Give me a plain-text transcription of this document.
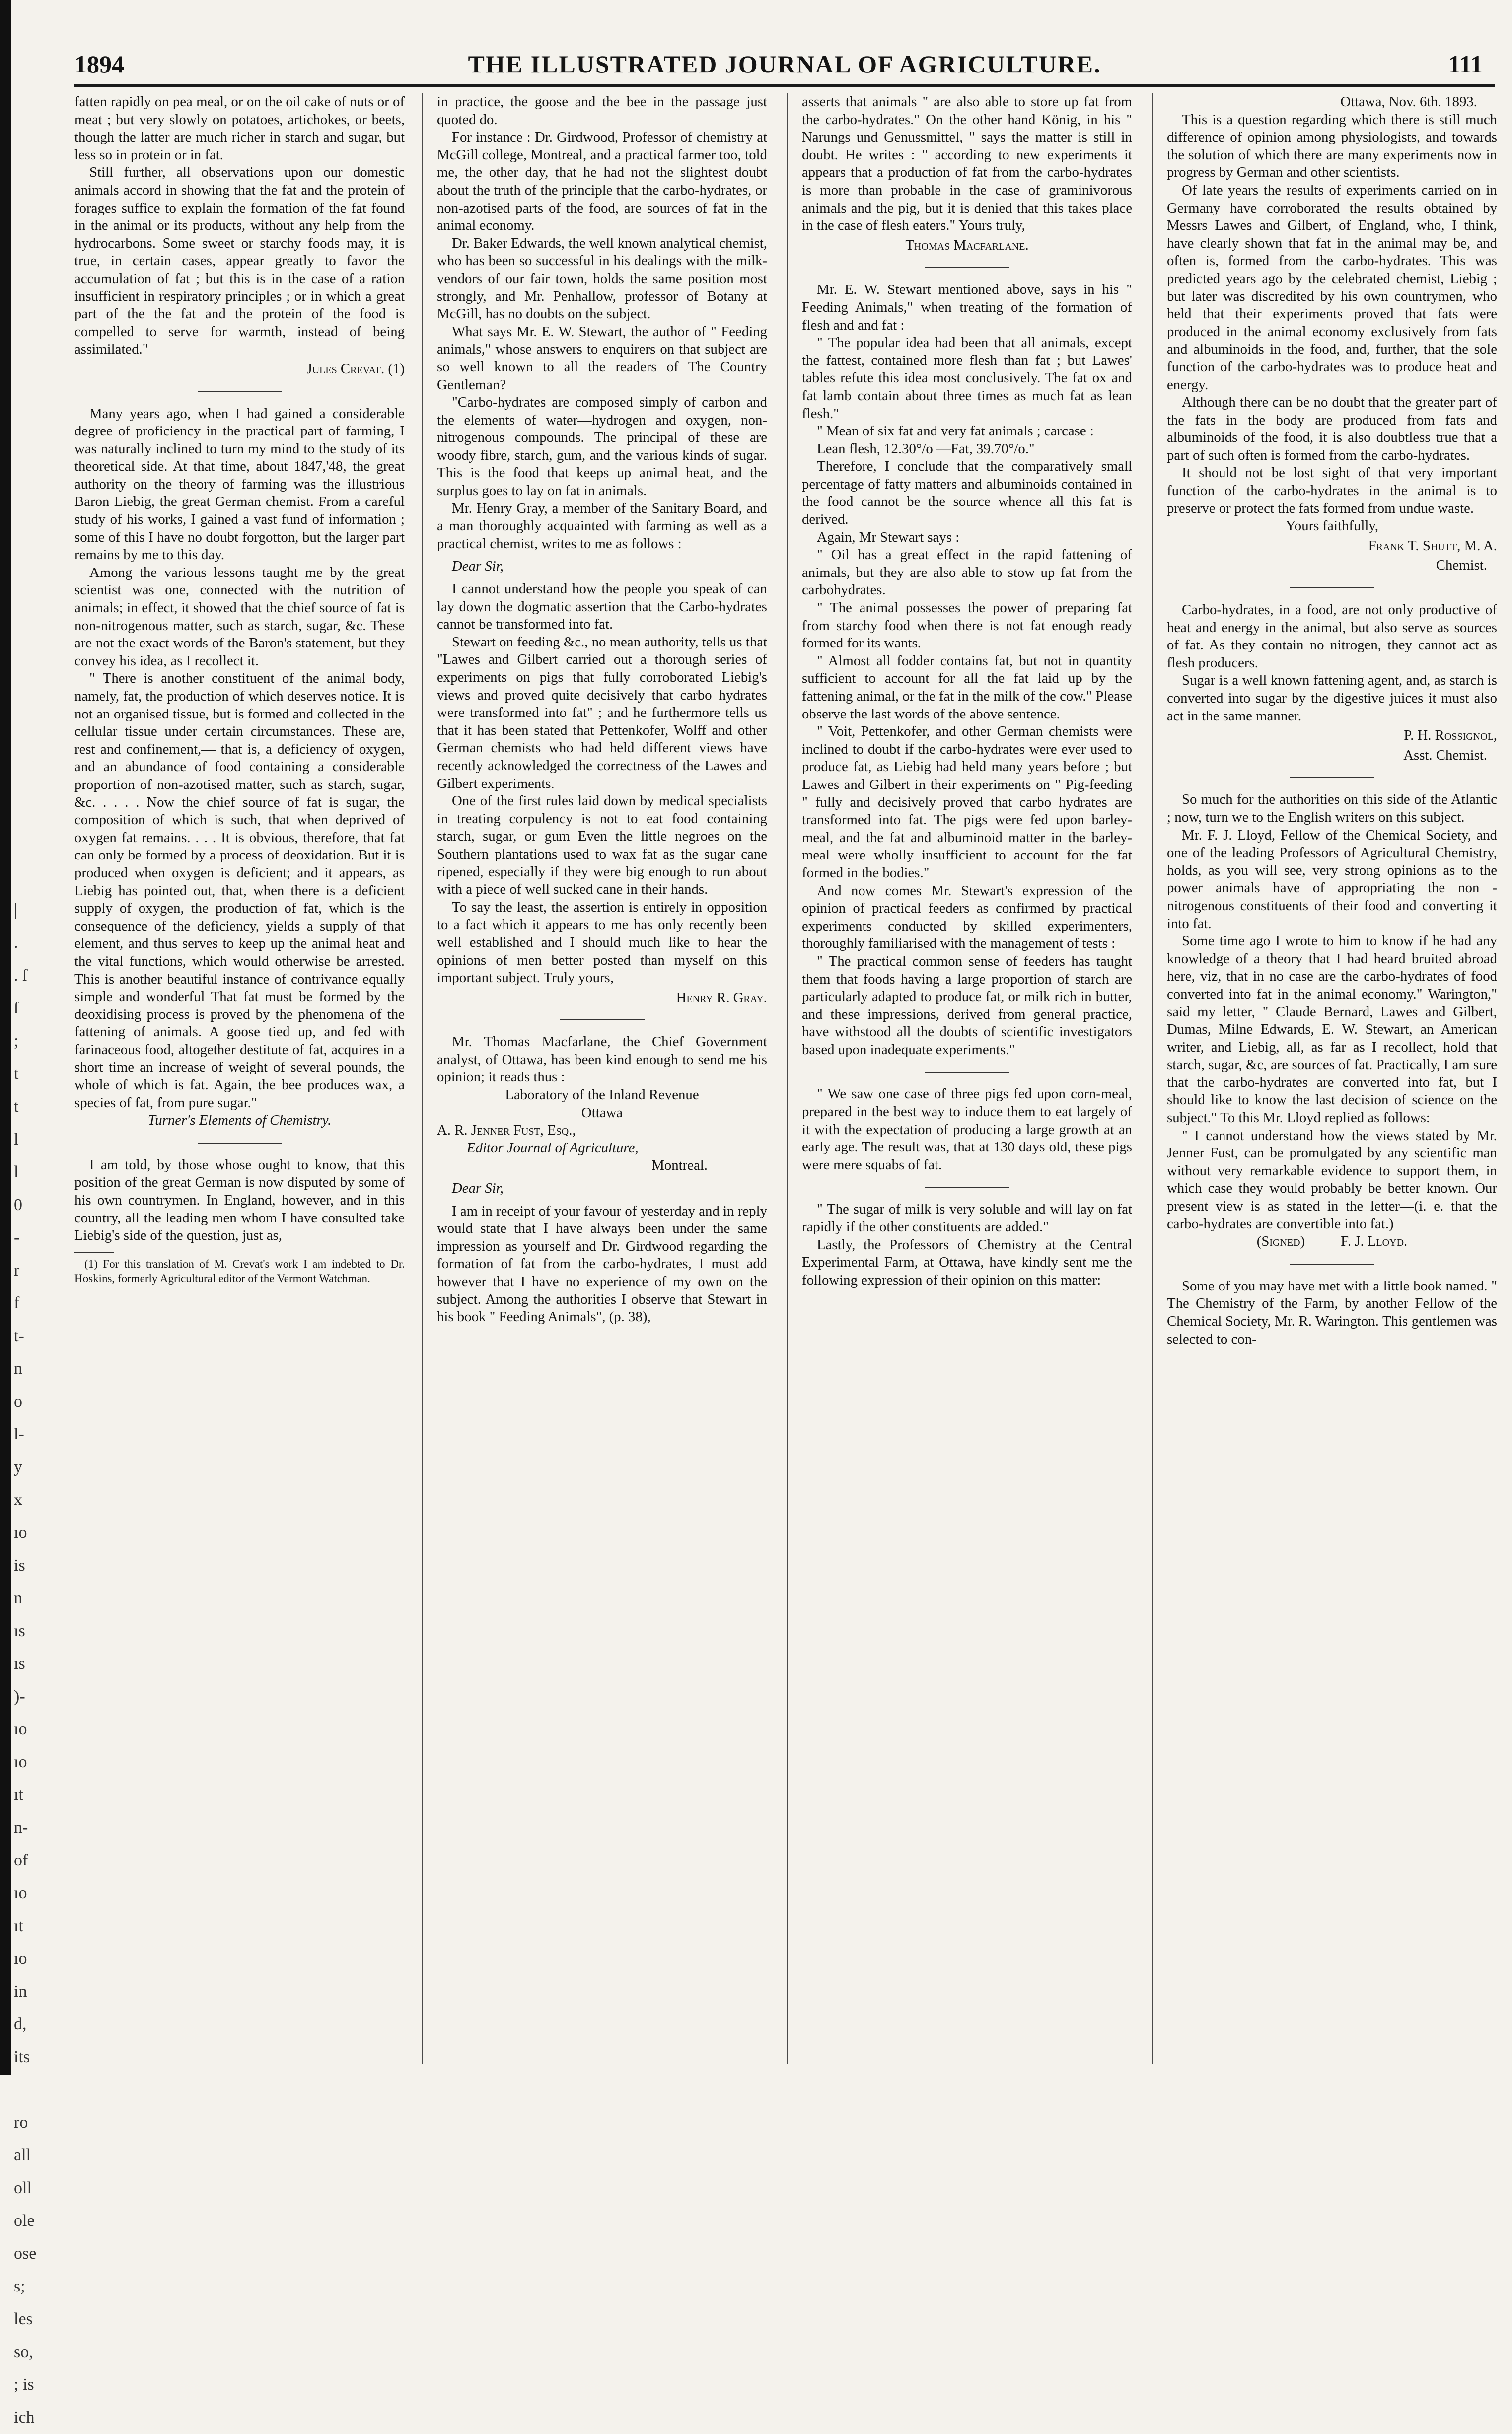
|
.
. ſ
ſ
;
t
t
l
l
0
-
r
f
t-
n
o
l-
y
x
ıo
is
n
ıs
ıs
)-
ıo
ıo
ıt
n-
of
ıo
ıt
ıo
in
d,
its

ro
all
oll
ole
ose
s;
les
so,
; is
ich
1894	THE ILLUSTRATED JOURNAL OF AGRICULTURE.	111

fatten rapidly on pea meal, or on the oil cake of nuts or of meat ; but very slowly on potatoes, artichokes, or beets, though the latter are much richer in starch and sugar, but less so in protein or in fat.

Still further, all observations upon our domestic animals accord in showing that the fat and the protein of forages suffice to explain the formation of the fat found in the animal or its products, without any help from the hydrocarbons. Some sweet or starchy foods may, it is true, in certain cases, appear greatly to favor the accumulation of fat ; but this is in the case of a ration insufficient in respiratory principles ; or in which a great part of the the fat and the protein of the food is compelled to serve for warmth, instead of being assimilated."

Jules Crevat. (1)

Many years ago, when I had gained a considerable degree of proficiency in the practical part of farming, I was naturally inclined to turn my mind to the study of its theoretical side. At that time, about 1847,'48, the great authority on the theory of farming was the illustrious Baron Liebig, the great German chemist. From a careful study of his works, I gained a vast fund of information ; some of this I have no doubt forgotton, but the larger part remains by me to this day.

Among the various lessons taught me by the great scientist was one, connected with the nutrition of animals; in effect, it showed that the chief source of fat is non-nitrogenous matter, such as starch, sugar, &c. These are not the exact words of the Baron's statement, but they convey his idea, as I recollect it.

" There is another constituent of the animal body, namely, fat, the production of which deserves notice. It is not an organised tissue, but is formed and collected in the cellular tissue under certain circumstances. These are, rest and confinement,— that is, a deficiency of oxygen, and an abundance of food containing a considerable proportion of non-azotised matter, such as starch, sugar, &c. . . . . Now the chief source of fat is sugar, the composition of which is such, that when deprived of oxygen fat remains. . . . It is obvious, therefore, that fat can only be formed by a process of deoxidation. But it is produced when oxygen is deficient; and it appears, as Liebig has pointed out, that, when there is a deficient supply of oxygen, the production of fat, which is the consequence of the deficiency, yields a supply of that element, and thus serves to keep up the animal heat and the vital functions, which would otherwise be arrested. This is another beautiful instance of contrivance equally simple and wonderful That fat must be formed by the deoxidising process is proved by the phenomena of the fattening of animals. A goose tied up, and fed with farinaceous food, altogether destitute of fat, acquires in a short time an increase of weight of several pounds, the whole of which is fat. Again, the bee produces wax, a species of fat, from pure sugar."

Turner's Elements of Chemistry.

I am told, by those whose ought to know, that this position of the great German is now disputed by some of his own countrymen. In England, however, and in this country, all the leading men whom I have consulted take Liebig's side of the question, just as,

(1) For this translation of M. Crevat's work I am indebted to Dr. Hoskins, formerly Agricultural editor of the Vermont Watchman.

in practice, the goose and the bee in the passage just quoted do.

For instance : Dr. Girdwood, Professor of chemistry at McGill college, Montreal, and a practical farmer too, told me, the other day, that he had not the slightest doubt about the truth of the principle that the carbo-hydrates, or non-azotised parts of the food, are sources of fat in the animal economy.

Dr. Baker Edwards, the well known analytical chemist, who has been so successful in his dealings with the milk-vendors of our fair town, holds the same position most strongly, and Mr. Penhallow, professor of Botany at McGill, has no doubts on the subject.

What says Mr. E. W. Stewart, the author of " Feeding animals," whose answers to enquirers on that subject are so well known to all the readers of The Country Gentleman?

"Carbo-hydrates are composed simply of carbon and the elements of water—hydrogen and oxygen, non-nitrogenous compounds. The principal of these are woody fibre, starch, gum, and the various kinds of sugar. This is the food that keeps up animal heat, and the surplus goes to lay on fat in animals.

Mr. Henry Gray, a member of the Sanitary Board, and a man thoroughly acquainted with farming as well as a practical chemist, writes to me as follows :

Dear Sir,

I cannot understand how the people you speak of can lay down the dogmatic assertion that the Carbo-hydrates cannot be transformed into fat.

Stewart on feeding &c., no mean authority, tells us that "Lawes and Gilbert carried out a thorough series of experiments on pigs that fully corroborated Liebig's views and proved quite decisively that carbo hydrates were transformed into fat" ; and he furthermore tells us that it has been stated that Pettenkofer, Wolff and other German chemists who had held different views have recently acknowledged the correctness of the Lawes and Gilbert experiments.

One of the first rules laid down by medical specialists in treating corpulency is not to eat food containing starch, sugar, or gum Even the little negroes on the Southern plantations used to wax fat as the sugar cane ripened, especially if they were big enough to run about with a piece of well sucked cane in their hands.

To say the least, the assertion is entirely in opposition to a fact which it appears to me has only recently been well established and I should much like to hear the opinions of men better posted than myself on this important subject. Truly yours,

Henry R. Gray.

Mr. Thomas Macfarlane, the Chief Government analyst, of Ottawa, has been kind enough to send me his opinion; it reads thus :

Laboratory of the Inland Revenue

Ottawa

A. R. Jenner Fust, Esq.,

Editor Journal of Agriculture,

Montreal.

Dear Sir,

I am in receipt of your favour of yesterday and in reply would state that I have always been under the same impression as yourself and Dr. Girdwood regarding the formation of fat from the carbo-hydrates, I must add however that I have no experience of my own on the subject. Among the authorities I observe that Stewart in his book " Feeding Animals", (p. 38),

asserts that animals " are also able to store up fat from the carbo-hydrates." On the other hand König, in his " Narungs und Genussmittel, " says the matter is still in doubt. He writes : " according to new experiments it appears that a production of fat from the carbo-hydrates is more than probable in the case of graminivorous animals and the pig, but it is denied that this takes place in the case of flesh eaters." Yours truly,

Thomas Macfarlane.

Mr. E. W. Stewart mentioned above, says in his " Feeding Animals," when treating of the formation of flesh and and fat :

" The popular idea had been that all animals, except the fattest, contained more flesh than fat ; but Lawes' tables refute this idea most conclusively. The fat ox and fat lamb contain about three times as much fat as lean flesh."

" Mean of six fat and very fat animals ; carcase :

Lean flesh, 12.30°/o —Fat, 39.70°/o."

Therefore, I conclude that the comparatively small percentage of fatty matters and albuminoids contained in the food cannot be the source whence all this fat is derived.

Again, Mr Stewart says :

" Oil has a great effect in the rapid fattening of animals, but they are also able to stow up fat from the carbohydrates.

" The animal possesses the power of preparing fat from starchy food when there is not fat enough ready formed for its wants.

" Almost all fodder contains fat, but not in quantity sufficient to account for all the fat laid up by the fattening animal, or the fat in the milk of the cow." Please observe the last words of the above sentence.

" Voit, Pettenkofer, and other German chemists were inclined to doubt if the carbo-hydrates were ever used to produce fat, as Liebig had held many years before ; but Lawes and Gilbert in their experiments on " Pig-feeding " fully and decisively proved that carbo hydrates are transformed into fat. The pigs were fed upon barley-meal, and the fat and albuminoid matter in the barley-meal were wholly insufficient to account for the fat formed in the bodies."

And now comes Mr. Stewart's expression of the opinion of practical feeders as confirmed by practical experiments conducted by skilled experimenters, thoroughly familiarised with the management of tests :

" The practical common sense of feeders has taught them that foods having a large proportion of starch are particularly adapted to produce fat, or milk rich in butter, and these impressions, derived from general practice, have withstood all the doubts of scientific investigators based upon inadequate experiments."

" We saw one case of three pigs fed upon corn-meal, prepared in the best way to induce them to eat largely of it with the expectation of producing a large growth at an early age. The result was, that at 130 days old, these pigs were mere squabs of fat.

" The sugar of milk is very soluble and will lay on fat rapidly if the other constituents are added."

Lastly, the Professors of Chemistry at the Central Experimental Farm, at Ottawa, have kindly sent me the following expression of their opinion on this matter:

Ottawa, Nov. 6th. 1893.

This is a question regarding which there is still much difference of opinion among physiologists, and towards the solution of which there are many experiments now in progress by German and other scientists.

Of late years the results of experiments carried on in Germany have corroborated the results obtained by Messrs Lawes and Gilbert, of England, who, I think, have clearly shown that fat in the animal may be, and often is, formed from the carbo-hydrates. This was predicted years ago by the celebrated chemist, Liebig ; but later was discredited by his own countrymen, who held that their experiments proved that fats were produced in the animal economy exclusively from fats and albuminoids in the food, and, further, that the sole function of the carbo-hydrates was to produce heat and energy.

Although there can be no doubt that the greater part of the fats in the body are produced from fats and albuminoids of the food, it is also doubtless true that a part of such often is formed from the carbo-hydrates.

It should not be lost sight of that very important function of the carbo-hydrates in the animal is to preserve or protect the fats formed from undue waste.

Yours faithfully,

Frank T. Shutt, M. A.

Chemist.

Carbo-hydrates, in a food, are not only productive of heat and energy in the animal, but also serve as sources of fat. As they contain no nitrogen, they cannot act as flesh producers.

Sugar is a well known fattening agent, and, as starch is converted into sugar by the digestive juices it must also act in the same manner.

P. H. Rossignol,

Asst. Chemist.

So much for the authorities on this side of the Atlantic ; now, turn we to the English writers on this subject.

Mr. F. J. Lloyd, Fellow of the Chemical Society, and one of the leading Professors of Agricultural Chemistry, holds, as you will see, very strong opinions as to the power animals have of appropriating the non - nitrogenous constituents of their food and converting it into fat.

Some time ago I wrote to him to know if he had any knowledge of a theory that I had heard bruited abroad here, viz, that in no case are the carbo-hydrates of food converted into fat in the animal economy." Warington," said my letter, " Claude Bernard, Lawes and Gilbert, Dumas, Milne Edwards, E. W. Stewart, an American writer, and Liebig, all, as far as I recollect, hold that starch, sugar, &c, are sources of fat. Practically, I am sure that the carbo-hydrates are converted into fat, but I should like to know the last decision of science on the subject." To this Mr. Lloyd replied as follows:

" I cannot understand how the views stated by Mr. Jenner Fust, can be promulgated by any scientific man without very remarkable evidence to support them, in which case they would probably be better known. Our present view is as stated in the letter—(i. e. that the carbo-hydrates are convertible into fat.)

(Signed)          F. J. Lloyd.

Some of you may have met with a little book named. " The Chemistry of the Farm, by another Fellow of the Chemical Society, Mr. R. Warington. This gentlemen was selected to con-
